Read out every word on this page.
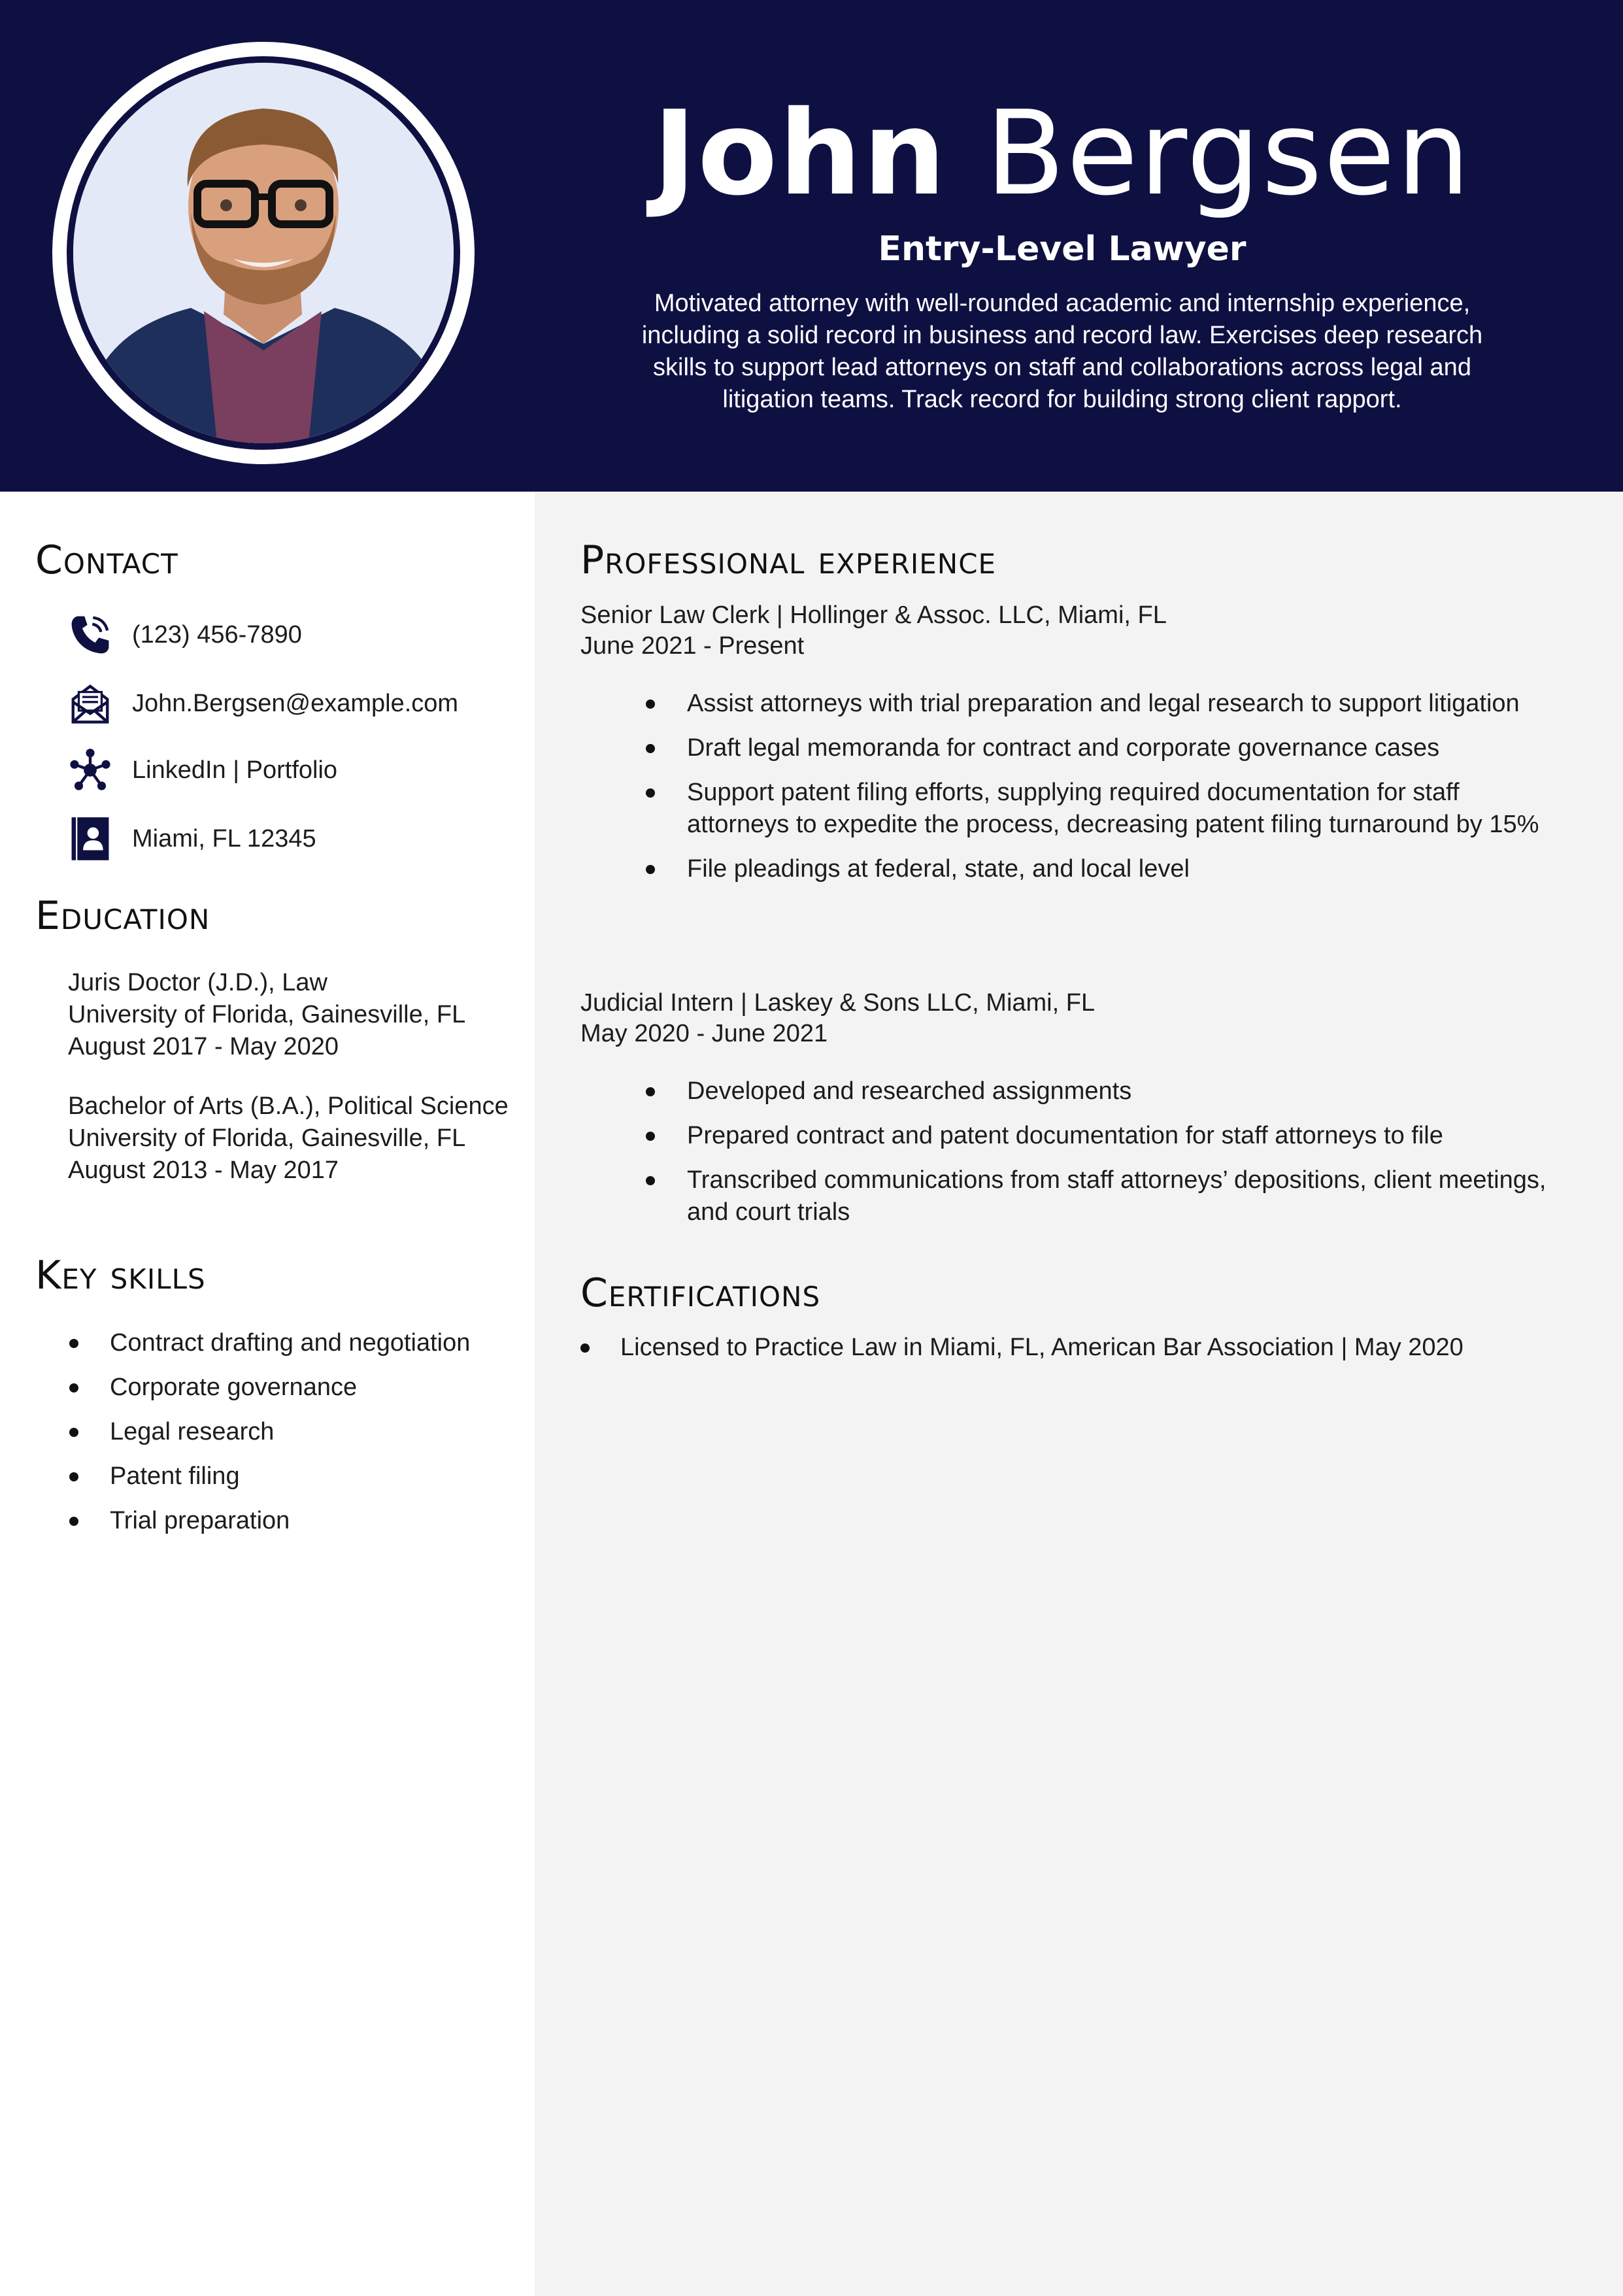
John Bergsen
Entry-Level Lawyer
Motivated attorney with well-rounded academic and internship experience, including a solid record in business and record law. Exercises deep research skills to support lead attorneys on staff and collaborations across legal and litigation teams. Track record for building strong client rapport.
Contact
(123) 456-7890
John.Bergsen@example.com
LinkedIn | Portfolio
Miami, FL 12345
Education
Juris Doctor (J.D.), Law
University of Florida, Gainesville, FL
August 2017 - May 2020
Bachelor of Arts (B.A.), Political Science
University of Florida, Gainesville, FL
August 2013 - May 2017
Key skills
Contract drafting and negotiation
Corporate governance
Legal research
Patent filing
Trial preparation
Professional experience
Senior Law Clerk | Hollinger & Assoc. LLC, Miami, FL
June 2021 - Present
Assist attorneys with trial preparation and legal research to support litigation
Draft legal memoranda for contract and corporate governance cases
Support patent filing efforts, supplying required documentation for staff attorneys to expedite the process, decreasing patent filing turnaround by 15%
File pleadings at federal, state, and local level
Judicial Intern | Laskey & Sons LLC, Miami, FL
May 2020 - June 2021
Developed and researched assignments
Prepared contract and patent documentation for staff attorneys to file
Transcribed communications from staff attorneys’ depositions, client meetings, and court trials
Certifications
Licensed to Practice Law in Miami, FL, American Bar Association | May 2020
